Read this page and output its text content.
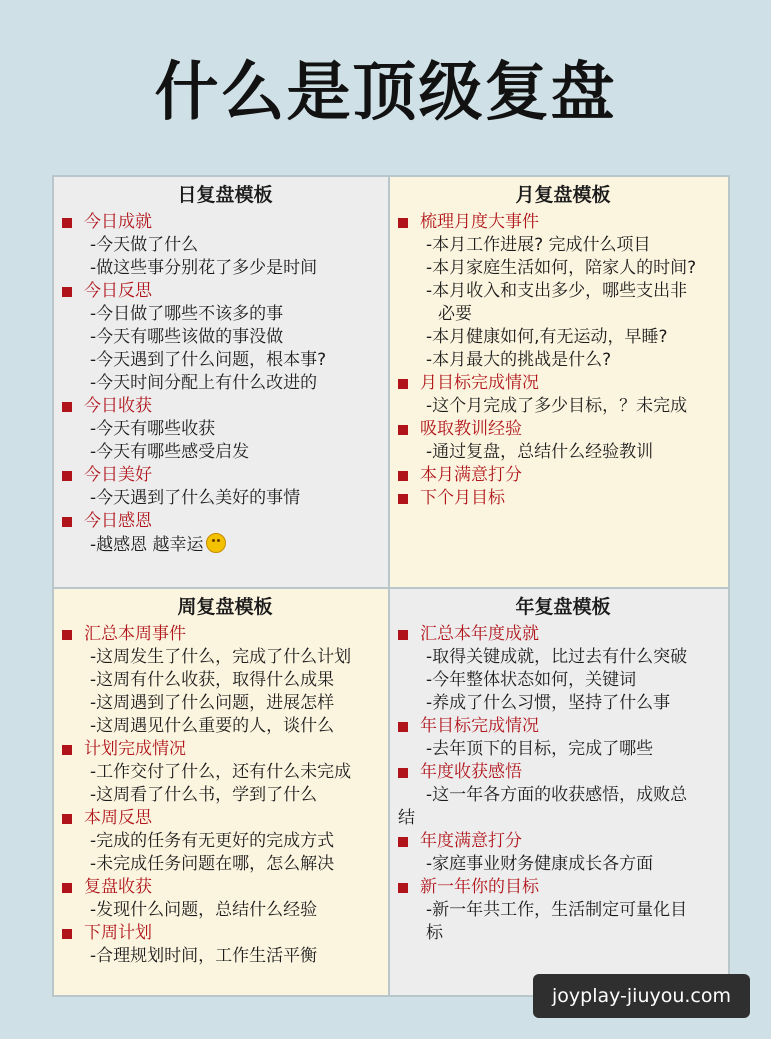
什么是顶级复盘
日复盘模板
今日成就
-今天做了什么
-做这些事分别花了多少是时间
今日反思
-今日做了哪些不该多的事
-今天有哪些该做的事没做
-今天遇到了什么问题，根本事?
-今天时间分配上有什么改进的
今日收获
-今天有哪些收获
-今天有哪些感受启发
今日美好
-今天遇到了什么美好的事情
今日感恩
-越感恩 越幸运
月复盘模板
梳理月度大事件
-本月工作进展? 完成什么项目
-本月家庭生活如何，陪家人的时间?
-本月收入和支出多少，哪些支出非
必要
-本月健康如何,有无运动，早睡?
-本月最大的挑战是什么?
月目标完成情况
-这个月完成了多少目标，？未完成
吸取教训经验
-通过复盘，总结什么经验教训
本月满意打分
下个月目标
周复盘模板
汇总本周事件
-这周发生了什么，完成了什么计划
-这周有什么收获，取得什么成果
-这周遇到了什么问题，进展怎样
-这周遇见什么重要的人，谈什么
计划完成情况
-工作交付了什么，还有什么未完成
-这周看了什么书，学到了什么
本周反思
-完成的任务有无更好的完成方式
-未完成任务问题在哪，怎么解决
复盘收获
-发现什么问题，总结什么经验
下周计划
-合理规划时间，工作生活平衡
年复盘模板
汇总本年度成就
-取得关键成就，比过去有什么突破
-今年整体状态如何，关键词
-养成了什么习惯，坚持了什么事
年目标完成情况
-去年顶下的目标，完成了哪些
年度收获感悟
-这一年各方面的收获感悟，成败总
结
年度满意打分
-家庭事业财务健康成长各方面
新一年你的目标
-新一年共工作，生活制定可量化目
标
joyplay-jiuyou.com
